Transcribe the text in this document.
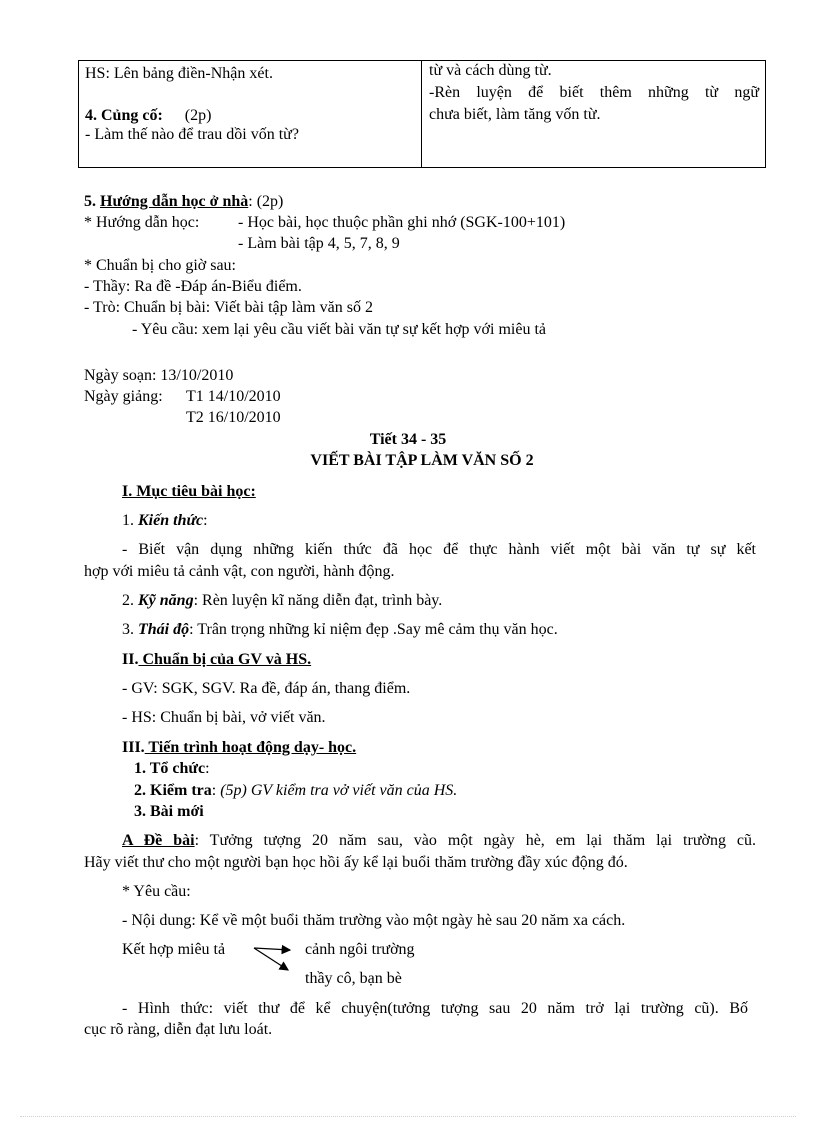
HS: Lên bảng điền-Nhận xét.
4. Củng cố: (2p)
- Làm thế nào để trau dồi vốn từ?
từ và cách dùng từ.
-Rèn luyện để biết thêm những từ ngữ
chưa biết, làm tăng vốn từ.
5. Hướng dẫn học ở nhà: (2p)
* Hướng dẫn học: - Học bài, học thuộc phần ghi nhớ (SGK-100+101)
- Làm bài tập 4, 5, 7, 8, 9
* Chuẩn bị cho giờ sau:
- Thầy: Ra đề -Đáp án-Biểu điểm.
- Trò: Chuẩn bị bài: Viết bài tập làm văn số 2
- Yêu cầu: xem lại yêu cầu viết bài văn tự sự kết hợp với miêu tả
Ngày soạn: 13/10/2010
Ngày giảng: T1 14/10/2010
T2 16/10/2010
Tiết 34 - 35
VIẾT BÀI TẬP LÀM VĂN SỐ 2
I. Mục tiêu bài học:
1. Kiến thức:
- Biết vận dụng những kiến thức đã học để thực hành viết một bài văn tự sự kết
hợp với miêu tả cảnh vật, con người, hành động.
2. Kỹ năng: Rèn luyện kĩ năng diễn đạt, trình bày.
3. Thái độ: Trân trọng những kỉ niệm đẹp .Say mê cảm thụ văn học.
II. Chuẩn bị của GV và HS.
- GV: SGK, SGV. Ra đề, đáp án, thang điểm.
- HS: Chuẩn bị bài, vở viết văn.
III. Tiến trình hoạt động dạy- học.
1. Tổ chức:
2. Kiểm tra: (5p) GV kiểm tra vở viết văn của HS.
3. Bài mới
A Đề bài: Tưởng tượng 20 năm sau, vào một ngày hè, em lại thăm lại trường cũ.
Hãy viết thư cho một người bạn học hồi ấy kể lại buổi thăm trường đầy xúc động đó.
* Yêu cầu:
- Nội dung: Kể về một buổi thăm trường vào một ngày hè sau 20 năm xa cách.
Kết hợp miêu tả	cảnh ngôi trường
thầy cô, bạn bè
- Hình thức: viết thư để kể chuyện(tưởng tượng sau 20 năm trở lại trường cũ). Bố
cục rõ ràng, diễn đạt lưu loát.
